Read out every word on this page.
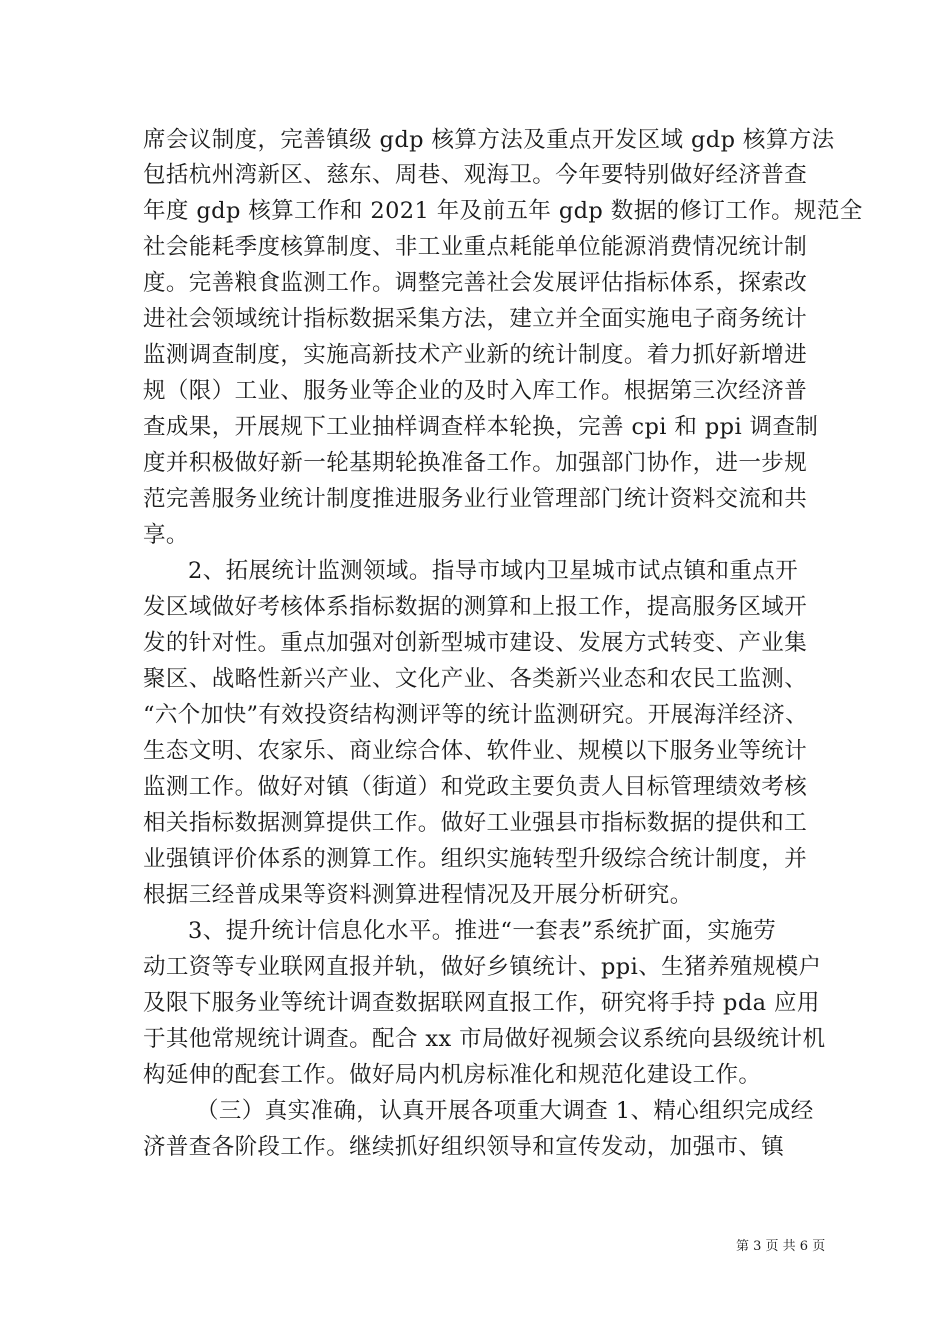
席会议制度，完善镇级 gdp 核算方法及重点开发区域 gdp 核算方法
包括杭州湾新区、慈东、周巷、观海卫。今年要特别做好经济普查
年度 gdp 核算工作和 2021 年及前五年 gdp 数据的修订工作。规范全
社会能耗季度核算制度、非工业重点耗能单位能源消费情况统计制
度。完善粮食监测工作。调整完善社会发展评估指标体系，探索改
进社会领域统计指标数据采集方法，建立并全面实施电子商务统计
监测调查制度，实施高新技术产业新的统计制度。着力抓好新增进
规（限）工业、服务业等企业的及时入库工作。根据第三次经济普
查成果，开展规下工业抽样调查样本轮换，完善 cpi 和 ppi 调查制
度并积极做好新一轮基期轮换准备工作。加强部门协作，进一步规
范完善服务业统计制度推进服务业行业管理部门统计资料交流和共
享。
2、拓展统计监测领域。指导市域内卫星城市试点镇和重点开
发区域做好考核体系指标数据的测算和上报工作，提高服务区域开
发的针对性。重点加强对创新型城市建设、发展方式转变、产业集
聚区、战略性新兴产业、文化产业、各类新兴业态和农民工监测、
“六个加快”有效投资结构测评等的统计监测研究。开展海洋经济、
生态文明、农家乐、商业综合体、软件业、规模以下服务业等统计
监测工作。做好对镇（街道）和党政主要负责人目标管理绩效考核
相关指标数据测算提供工作。做好工业强县市指标数据的提供和工
业强镇评价体系的测算工作。组织实施转型升级综合统计制度，并
根据三经普成果等资料测算进程情况及开展分析研究。
3、提升统计信息化水平。推进“一套表”系统扩面，实施劳
动工资等专业联网直报并轨，做好乡镇统计、ppi、生猪养殖规模户
及限下服务业等统计调查数据联网直报工作，研究将手持 pda 应用
于其他常规统计调查。配合 xx 市局做好视频会议系统向县级统计机
构延伸的配套工作。做好局内机房标准化和规范化建设工作。
（三）真实准确，认真开展各项重大调查 1、精心组织完成经
济普查各阶段工作。继续抓好组织领导和宣传发动，加强市、镇
第 3 页 共 6 页
